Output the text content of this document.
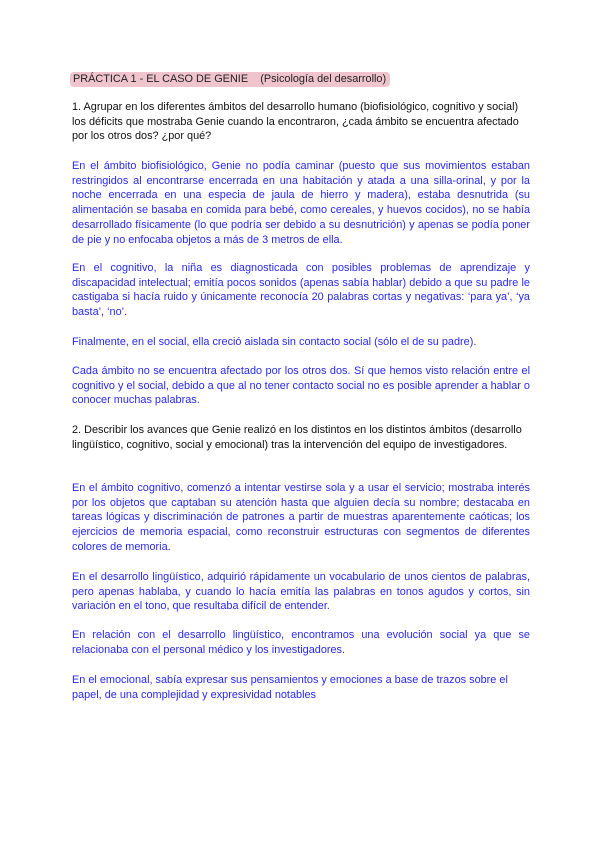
PRÁCTICA 1 - EL CASO DE GENIE    (Psicología del desarrollo)

1. Agrupar en los diferentes ámbitos del desarrollo humano (biofisiológico, cognitivo y social) los déficits que mostraba Genie cuando la encontraron, ¿cada ámbito se encuentra afectado por los otros dos? ¿por qué?

En el ámbito biofisiológico, Genie no podía caminar (puesto que sus movimientos estaban restringidos al encontrarse encerrada en una habitación y atada a una silla-orinal, y por la noche encerrada en una especia de jaula de hierro y madera), estaba desnutrida (su alimentación se basaba en comida para bebé, como cereales, y huevos cocidos), no se había desarrollado físicamente (lo que podría ser debido a su desnutrición) y apenas se podía poner de pie y no enfocaba objetos a más de 3 metros de ella.

En el cognitivo, la niña es diagnosticada con posibles problemas de aprendizaje y discapacidad intelectual; emitía pocos sonidos (apenas sabía hablar) debido a que su padre le castigaba si hacía ruido y únicamente reconocía 20 palabras cortas y negativas: ‘para ya’, ‘ya basta’, ‘no’.

Finalmente, en el social, ella creció aislada sin contacto social (sólo el de su padre).

Cada ámbito no se encuentra afectado por los otros dos. Sí que hemos visto relación entre el cognitivo y el social, debido a que al no tener contacto social no es posible aprender a hablar o conocer muchas palabras.

2. Describir los avances que Genie realizó en los distintos en los distintos ámbitos (desarrollo lingüístico, cognitivo, social y emocional) tras la intervención del equipo de investigadores.

En el ámbito cognitivo, comenzó a intentar vestirse sola y a usar el servicio; mostraba interés por los objetos que captaban su atención hasta que alguien decía su nombre; destacaba en tareas lógicas y discriminación de patrones a partir de muestras aparentemente caóticas; los ejercicios de memoria espacial, como reconstruir estructuras con segmentos de diferentes colores de memoria.

En el desarrollo lingüístico, adquirió rápidamente un vocabulario de unos cientos de palabras, pero apenas hablaba, y cuando lo hacía emitía las palabras en tonos agudos y cortos, sin variación en el tono, que resultaba difícil de entender.

En relación con el desarrollo lingüístico, encontramos una evolución social ya que se relacionaba con el personal médico y los investigadores.

En el emocional, sabía expresar sus pensamientos y emociones a base de trazos sobre el papel, de una complejidad y expresividad notables
